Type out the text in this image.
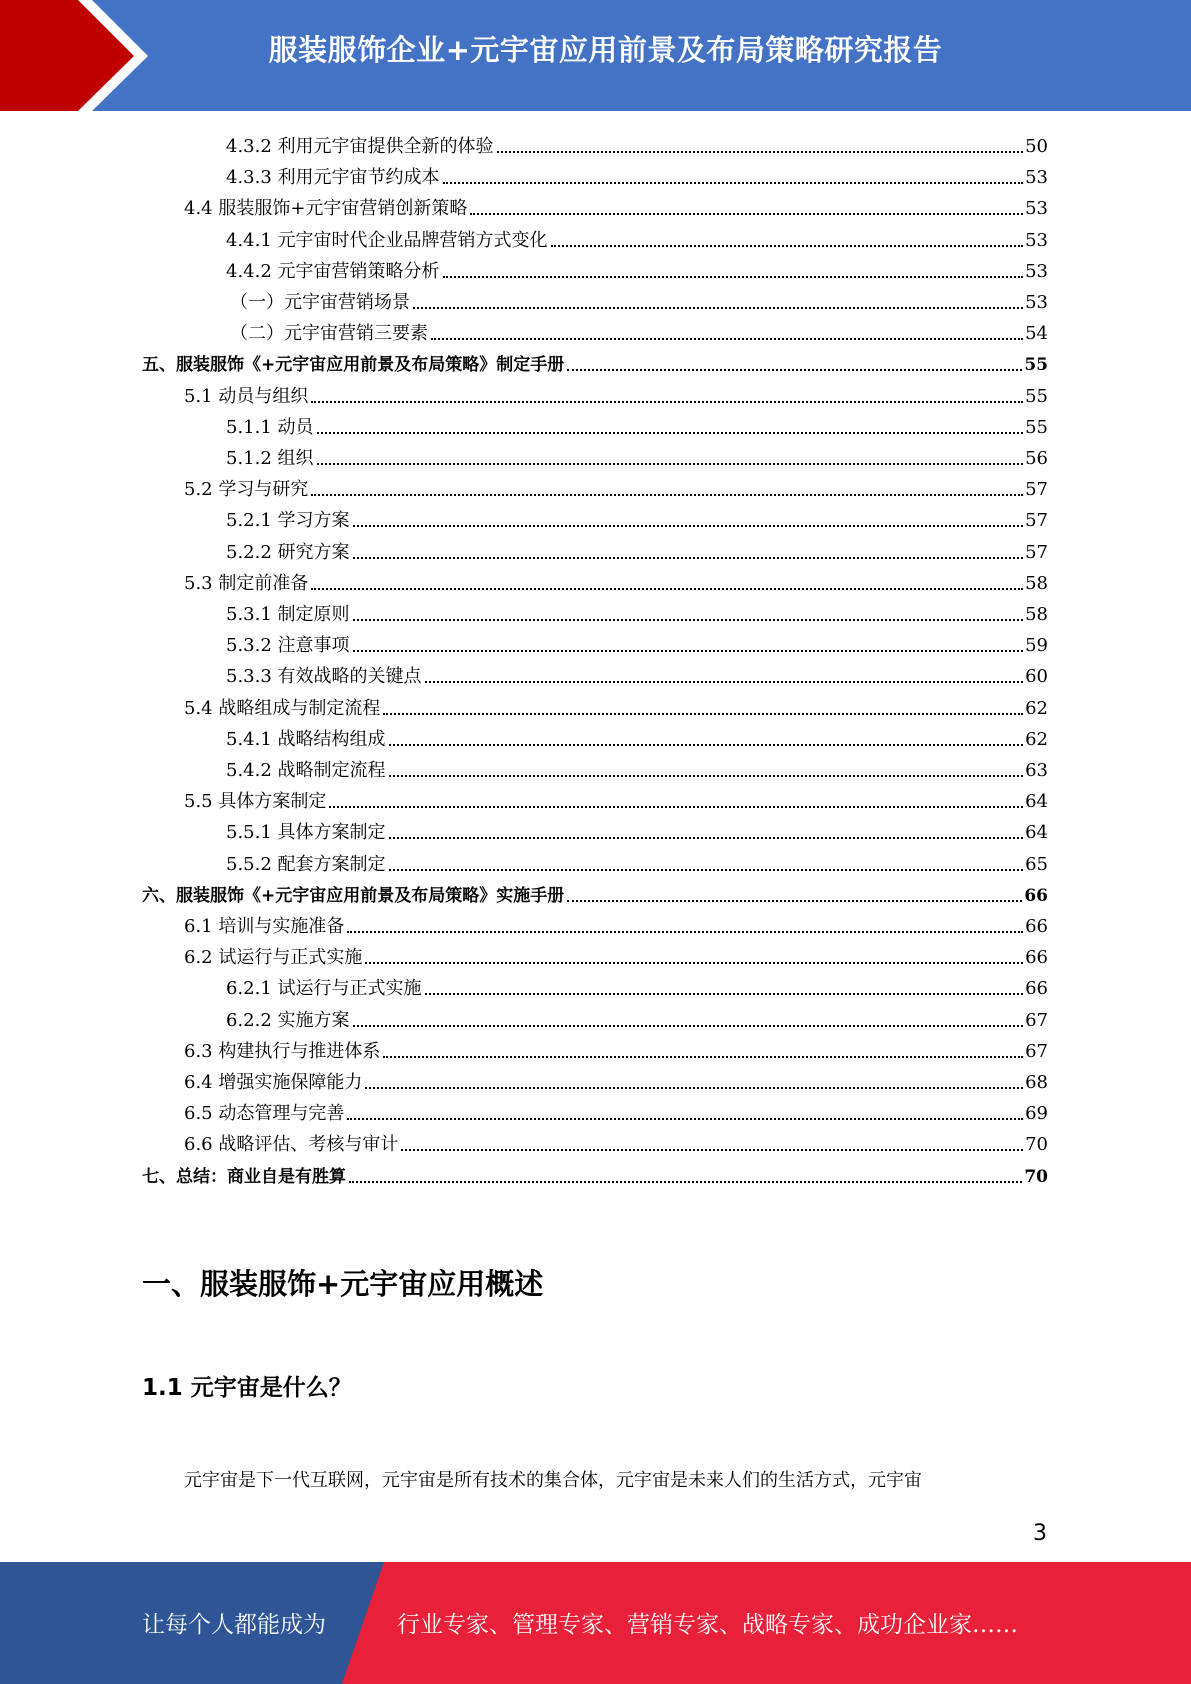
服装服饰企业+元宇宙应用前景及布局策略研究报告
4.3.2 利用元宇宙提供全新的体验	50
4.3.3 利用元宇宙节约成本	53
4.4 服装服饰+元宇宙营销创新策略	53
4.4.1 元宇宙时代企业品牌营销方式变化	53
4.4.2 元宇宙营销策略分析	53
（一）元宇宙营销场景	53
（二）元宇宙营销三要素	54
五、服装服饰《+元宇宙应用前景及布局策略》制定手册	55
5.1 动员与组织	55
5.1.1 动员	55
5.1.2 组织	56
5.2 学习与研究	57
5.2.1 学习方案	57
5.2.2 研究方案	57
5.3 制定前准备	58
5.3.1 制定原则	58
5.3.2 注意事项	59
5.3.3 有效战略的关键点	60
5.4 战略组成与制定流程	62
5.4.1 战略结构组成	62
5.4.2 战略制定流程	63
5.5 具体方案制定	64
5.5.1 具体方案制定	64
5.5.2 配套方案制定	65
六、服装服饰《+元宇宙应用前景及布局策略》实施手册	66
6.1 培训与实施准备	66
6.2 试运行与正式实施	66
6.2.1 试运行与正式实施	66
6.2.2 实施方案	67
6.3 构建执行与推进体系	67
6.4 增强实施保障能力	68
6.5 动态管理与完善	69
6.6 战略评估、考核与审计	70
七、总结：商业自是有胜算	70
一、服装服饰+元宇宙应用概述
1.1 元宇宙是什么？
元宇宙是下一代互联网，元宇宙是所有技术的集合体，元宇宙是未来人们的生活方式，元宇宙
3
让每个人都能成为	行业专家、管理专家、营销专家、战略专家、成功企业家……
